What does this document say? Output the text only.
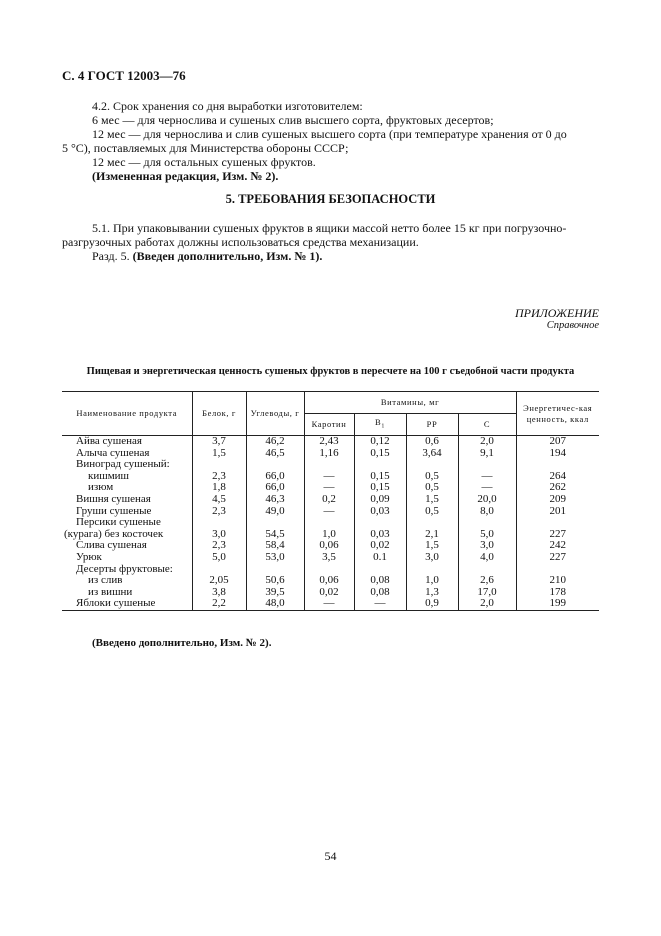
С. 4 ГОСТ 12003—76
4.2. Срок хранения со дня выработки изготовителем:
6 мес — для чернослива и сушеных слив высшего сорта, фруктовых десертов;
12 мес — для чернослива и слив сушеных высшего сорта (при температуре хранения от 0 до
5 °С), поставляемых для Министерства обороны СССР;
12 мес — для остальных сушеных фруктов.
(Измененная редакция, Изм. № 2).
5. ТРЕБОВАНИЯ БЕЗОПАСНОСТИ
5.1. При упаковывании сушеных фруктов в ящики массой нетто более 15 кг при погрузочно-
разгрузочных работах должны использоваться средства механизации.
Разд. 5. (Введен дополнительно, Изм. № 1).
ПРИЛОЖЕНИЕ
Справочное
Пищевая и энергетическая ценность сушеных фруктов в пересчете на 100 г съедобной части продукта
Наименование продукта	Белок, г	Углеводы, г	Витамины, мг				Энергетичес-кая ценность, ккал
			Каротин	$B_1$	PP	C	
Айва сушеная	3,7	46,2	2,43	0,12	0,6	2,0	207
Алыча сушеная	1,5	46,5	1,16	0,15	3,64	9,1	194
Виноград сушеный:							
кишмиш	2,3	66,0	—	0,15	0,5	—	264
изюм	1,8	66,0	—	0,15	0,5	—	262
Вишня сушеная	4,5	46,3	0,2	0,09	1,5	20,0	209
Груши сушеные	2,3	49,0	—	0,03	0,5	8,0	201
Персики сушеные							
(курага) без косточек	3,0	54,5	1,0	0,03	2,1	5,0	227
Слива сушеная	2,3	58,4	0,06	0,02	1,5	3,0	242
Урюк	5,0	53,0	3,5	0.1	3,0	4,0	227
Десерты фруктовые:							
из слив	2,05	50,6	0,06	0,08	1,0	2,6	210
из вишни	3,8	39,5	0,02	0,08	1,3	17,0	178
Яблоки сушеные	2,2	48,0	—	—	0,9	2,0	199
(Введено дополнительно, Изм. № 2).
54
